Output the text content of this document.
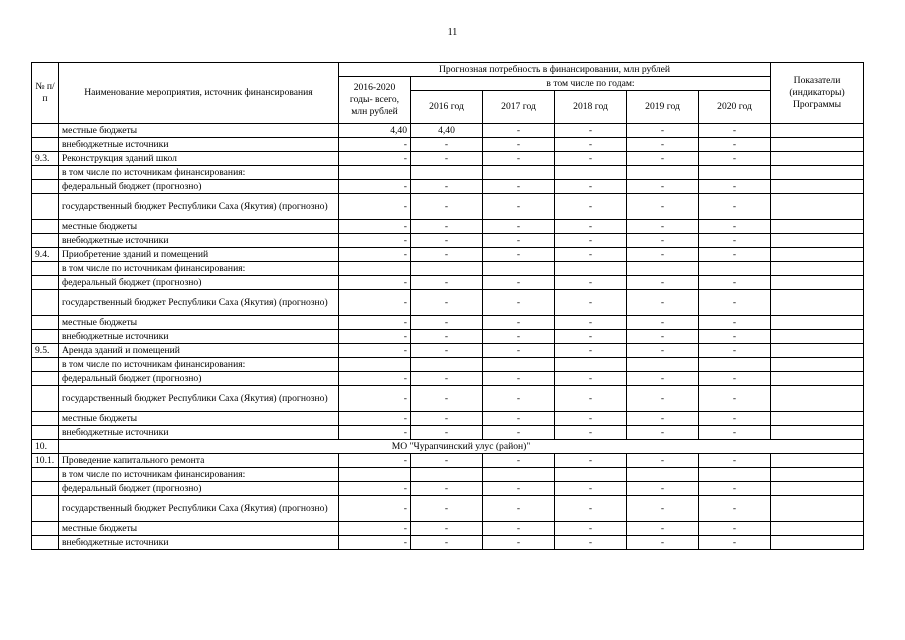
11
№ п/п	Наименование мероприятия, источник финансирования	Прогнозная потребность в финансировании, млн рублей						Показатели (индикаторы) Программы
		2016-2020 годы- всего, млн рублей	в том числе по годам:					
			2016 год	2017 год	2018 год	2019 год	2020 год	
	местные бюджеты	4,40	4,40	-	-	-	-	
	внебюджетные источники	-	-	-	-	-	-	
9.3.	Реконструкция зданий школ	-	-	-	-	-	-	
	в том числе по источникам финансирования:							
	федеральный бюджет (прогнозно)	-	-	-	-	-	-	
	государственный бюджет Республики Саха (Якутия) (прогнозно)	-	-	-	-	-	-	
	местные бюджеты	-	-	-	-	-	-	
	внебюджетные источники	-	-	-	-	-	-	
9.4.	Приобретение зданий и помещений	-	-	-	-	-	-	
	в том числе по источникам финансирования:							
	федеральный бюджет (прогнозно)	-	-	-	-	-	-	
	государственный бюджет Республики Саха (Якутия) (прогнозно)	-	-	-	-	-	-	
	местные бюджеты	-	-	-	-	-	-	
	внебюджетные источники	-	-	-	-	-	-	
9.5.	Аренда зданий и помещений	-	-	-	-	-	-	
	в том числе по источникам финансирования:							
	федеральный бюджет (прогнозно)	-	-	-	-	-	-	
	государственный бюджет Республики Саха (Якутия) (прогнозно)	-	-	-	-	-	-	
	местные бюджеты	-	-	-	-	-	-	
	внебюджетные источники	-	-	-	-	-	-	
10.	МО "Чурапчинский улус (район)"							
10.1.	Проведение капитального ремонта	-	-	-	-	-	-	
	в том числе по источникам финансирования:							
	федеральный бюджет (прогнозно)	-	-	-	-	-	-	
	государственный бюджет Республики Саха (Якутия) (прогнозно)	-	-	-	-	-	-	
	местные бюджеты	-	-	-	-	-	-	
	внебюджетные источники	-	-	-	-	-	-	
